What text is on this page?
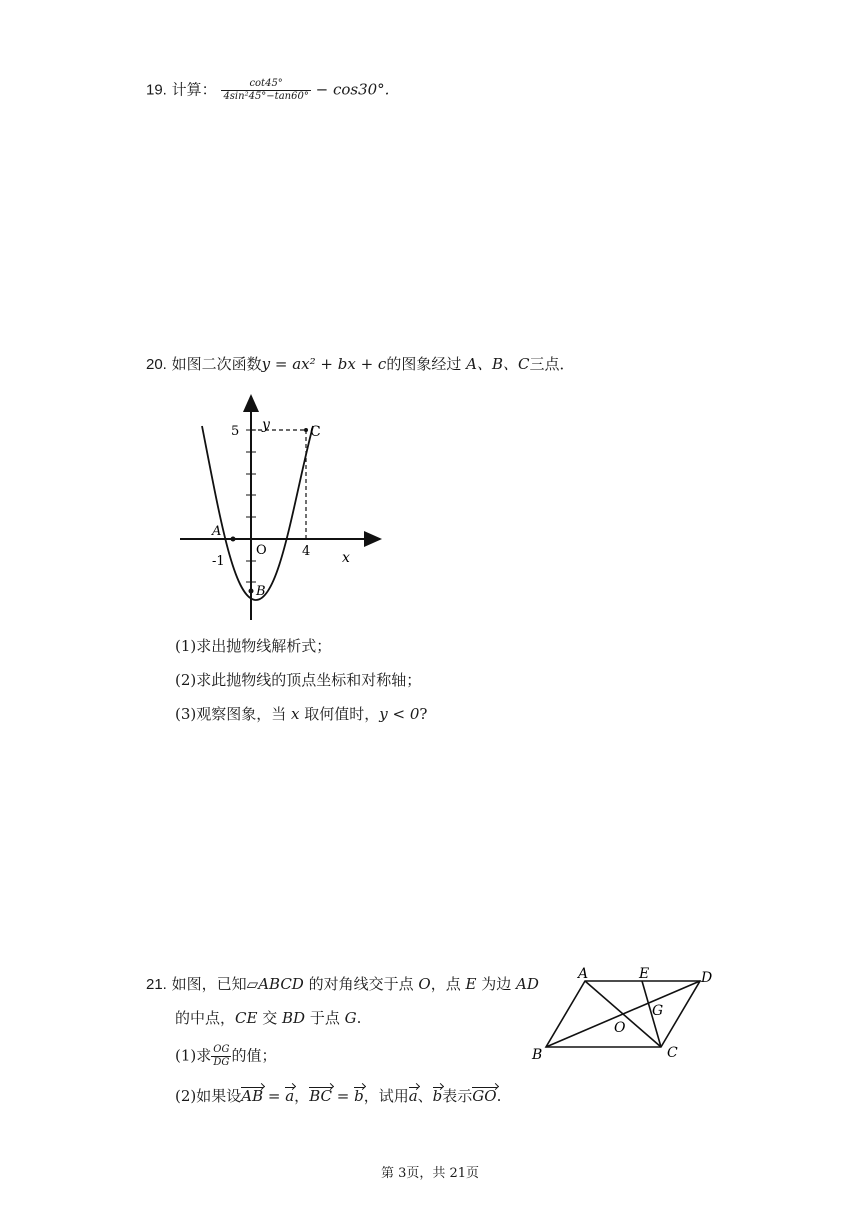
19. 计算： $\frac{\cot 45^\circ}{\text{4sin²45°−tan60°}} - \cos 30^\circ$.
20. 如图二次函数y = ax² + bx + c的图象经过 A、B、C三点．
y
x
5
4
-1
O
A
B
C
(1)求出抛物线解析式；
(2)求此抛物线的顶点坐标和对称轴；
(3)观察图象，当 x 取何值时，y < 0?
21. 如图，已知▱ABCD 的对角线交于点 O，点 E 为边 AD
的中点，CE 交 BD 于点 G.
(1)求 $\frac{OG}{DG}$ 的值；
(2)如果设AB = a，BC = b，试用a、b表示GO.
A	E	D
G
O
B	C
第 3页，共 21页
